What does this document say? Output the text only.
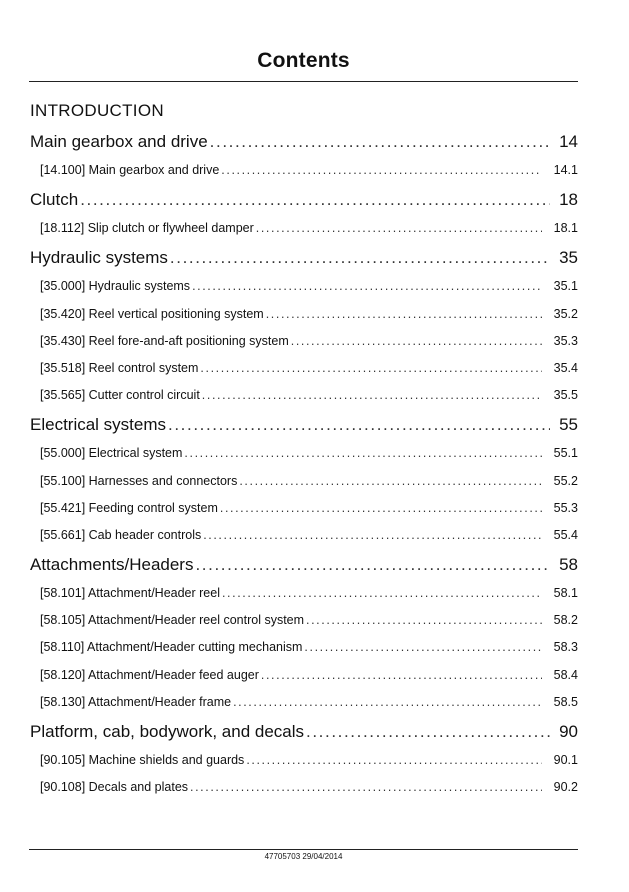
Contents
INTRODUCTION
Main gearbox and drive .....	14
[14.100] Main gearbox and drive .....	14.1
Clutch .....	18
[18.112] Slip clutch or flywheel damper .....	18.1
Hydraulic systems .....	35
[35.000] Hydraulic systems .....	35.1
[35.420] Reel vertical positioning system .....	35.2
[35.430] Reel fore-and-aft positioning system .....	35.3
[35.518] Reel control system .....	35.4
[35.565] Cutter control circuit .....	35.5
Electrical systems .....	55
[55.000] Electrical system .....	55.1
[55.100] Harnesses and connectors .....	55.2
[55.421] Feeding control system .....	55.3
[55.661] Cab header controls .....	55.4
Attachments/Headers .....	58
[58.101] Attachment/Header reel .....	58.1
[58.105] Attachment/Header reel control system .....	58.2
[58.110] Attachment/Header cutting mechanism .....	58.3
[58.120] Attachment/Header feed auger .....	58.4
[58.130] Attachment/Header frame .....	58.5
Platform, cab, bodywork, and decals .....	90
[90.105] Machine shields and guards .....	90.1
[90.108] Decals and plates .....	90.2
47705703 29/04/2014
